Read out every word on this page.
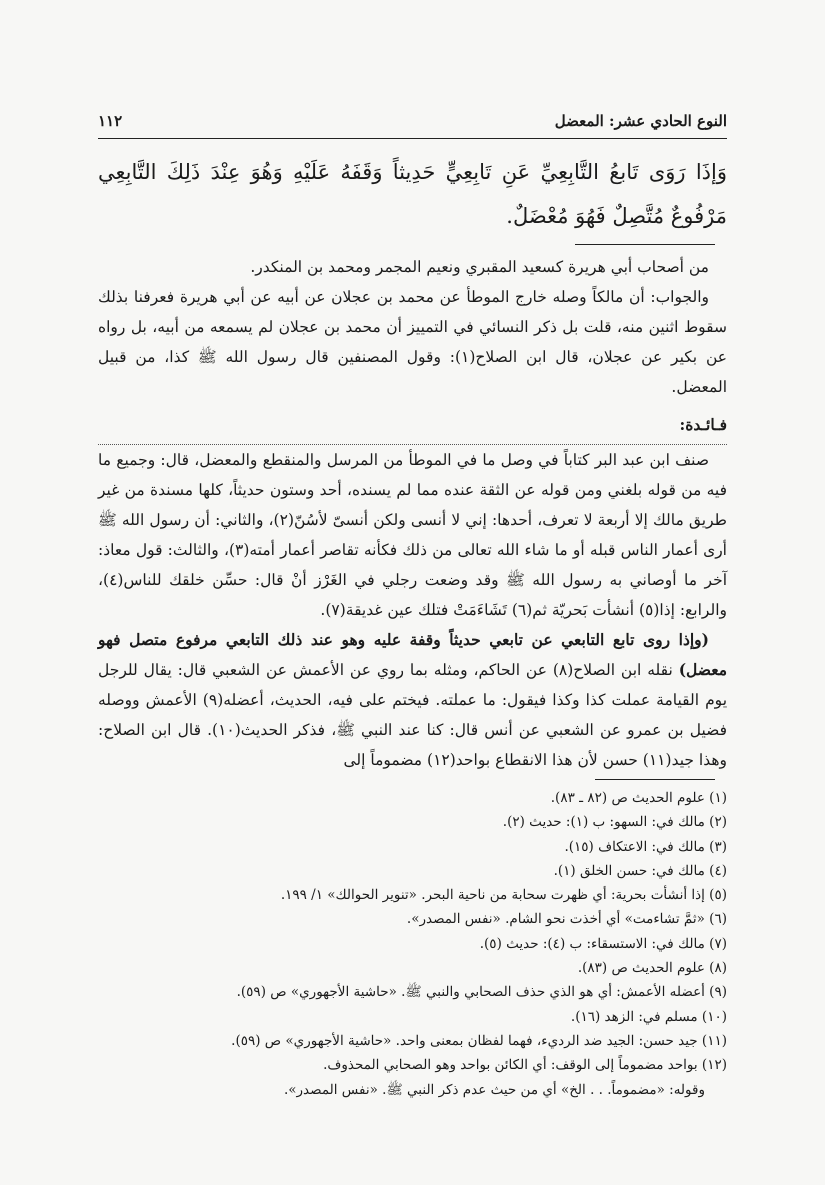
النوع الحادي عشر: المعضل
١١٢
وَإذَا رَوَى تَابعُ التَّابِعِيِّ عَنِ تَابِعِيٍّ حَدِيثاً وَقَفَهُ عَلَيْهِ وَهُوَ عِنْدَ ذَلِكَ التَّابِعِي مَرْفُوعٌ مُتَّصِلٌ فَهُوَ مُعْضَلٌ.

من أصحاب أبي هريرة كسعيد المقبري ونعيم المجمر ومحمد بن المنكدر.

والجواب: أن مالكاً وصله خارج الموطأ عن محمد بن عجلان عن أبيه عن أبي هريرة فعرفنا بذلك سقوط اثنين منه، قلت بل ذكر النسائي في التمييز أن محمد بن عجلان لم يسمعه من أبيه، بل رواه عن بكير عن عجلان، قال ابن الصلاح(١): وقول المصنفين قال رسول الله ﷺ كذا، من قبيل المعضل.

فـائـدة:

صنف ابن عبد البر كتاباً في وصل ما في الموطأ من المرسل والمنقطع والمعضل، قال: وجميع ما فيه من قوله بلغني ومن قوله عن الثقة عنده مما لم يسنده، أحد وستون حديثاً، كلها مسندة من غير طريق مالك إلا أربعة لا تعرف، أحدها: إني لا أنسى ولكن أنسىّ لأسُنّ(٢)، والثاني: أن رسول الله ﷺ أرى أعمار الناس قبله أو ما شاء الله تعالى من ذلك فكأنه تقاصر أعمار أمته(٣)، والثالث: قول معاذ: آخر ما أوصاني به رسول الله ﷺ وقد وضعت رجلي في الغَرْز أنْ قال: حسِّن خلقك للناس(٤)، والرابع: إذا(٥) أنشأت بَحريّة ثم(٦) تَشَاءَمَتْ فتلك عين غديقة(٧).

(وإذا روى تابع التابعي عن تابعي حديثاً وقفة عليه وهو عند ذلك التابعي مرفوع متصل فهو معضل) نقله ابن الصلاح(٨) عن الحاكم، ومثله بما روي عن الأعمش عن الشعبي قال: يقال للرجل يوم القيامة عملت كذا وكذا فيقول: ما عملته. فيختم على فيه، الحديث، أعضله(٩) الأعمش ووصله فضيل بن عمرو عن الشعبي عن أنس قال: كنا عند النبي ﷺ، فذكر الحديث(١٠). قال ابن الصلاح: وهذا جيد(١١) حسن لأن هذا الانقطاع بواحد(١٢) مضموماً إلى

(١) علوم الحديث ص (٨٢ ـ ٨٣).
(٢) مالك في: السهو: ب (١): حديث (٢).
(٣) مالك في: الاعتكاف (١٥).
(٤) مالك في: حسن الخلق (١).
(٥) إذا أنشأت بحرية: أي ظهرت سحابة من ناحية البحر. «تنوير الحوالك» ١/ ١٩٩.
(٦) «ثمَّ تشاءمت» أي أخذت نحو الشام. «نفس المصدر».
(٧) مالك في: الاستسقاء: ب (٤): حديث (٥).
(٨) علوم الحديث ص (٨٣).
(٩) أعضله الأعمش: أي هو الذي حذف الصحابي والنبي ﷺ. «حاشية الأجهوري» ص (٥٩).
(١٠) مسلم في: الزهد (١٦).
(١١) جيد حسن: الجيد ضد الرديء، فهما لفظان بمعنى واحد. «حاشية الأجهوري» ص (٥٩).
(١٢) بواحد مضموماً إلى الوقف: أي الكائن بواحد وهو الصحابي المحذوف.
وقوله: «مضموماً. . . الخ» أي من حيث عدم ذكر النبي ﷺ. «نفس المصدر».
